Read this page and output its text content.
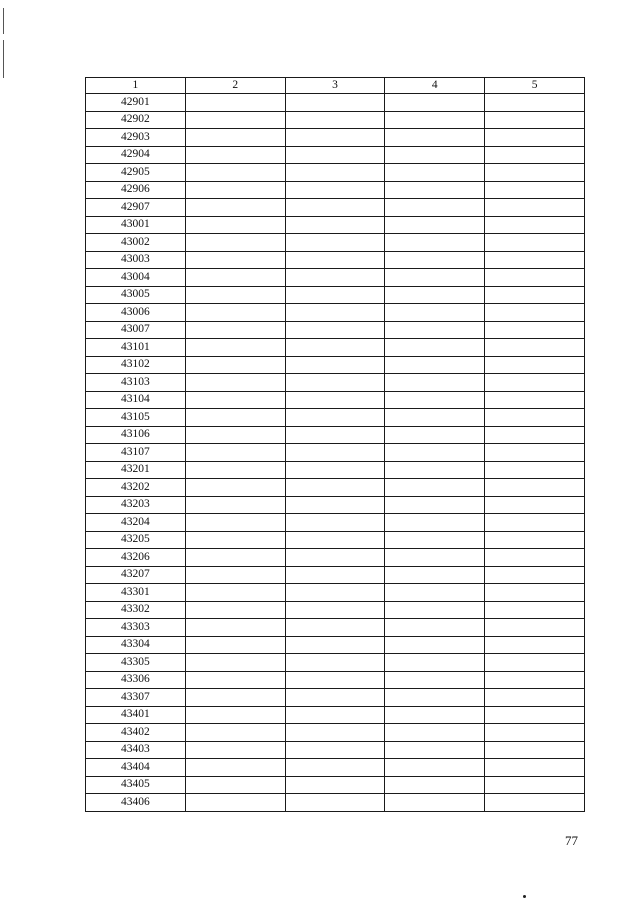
1	2	3	4	5
42901				
42902				
42903				
42904				
42905				
42906				
42907				
43001				
43002				
43003				
43004				
43005				
43006				
43007				
43101				
43102				
43103				
43104				
43105				
43106				
43107				
43201				
43202				
43203				
43204				
43205				
43206				
43207				
43301				
43302				
43303				
43304				
43305				
43306				
43307				
43401				
43402				
43403				
43404				
43405				
43406				
77
